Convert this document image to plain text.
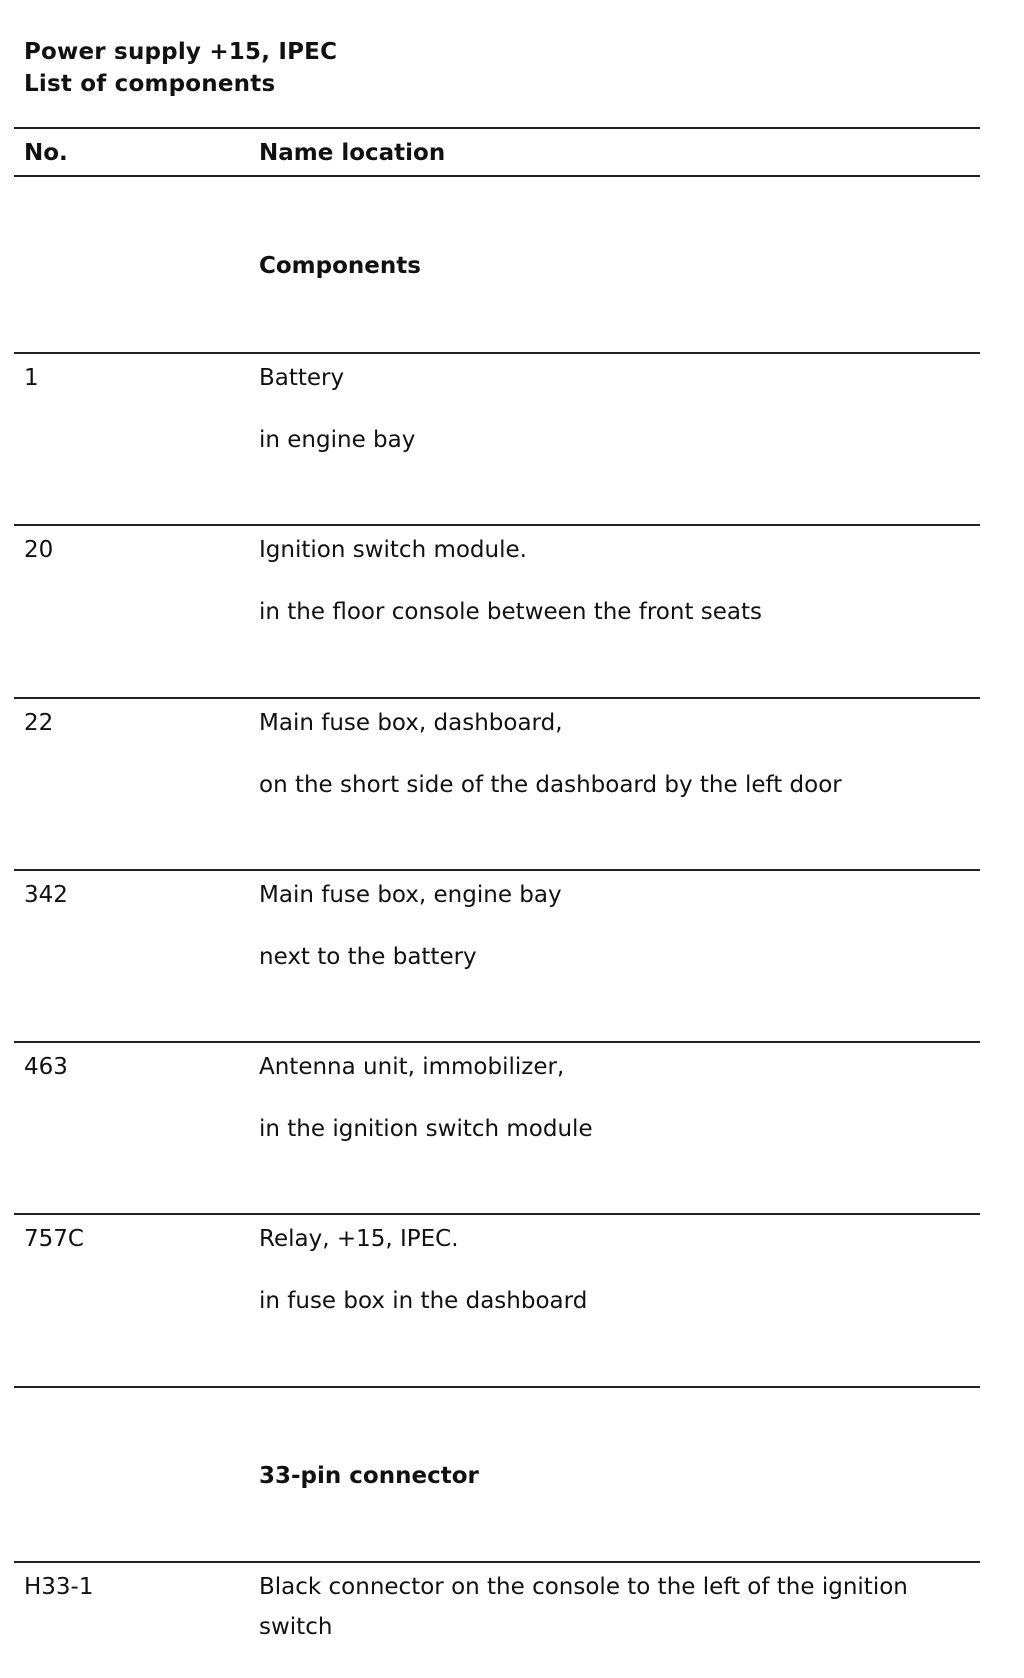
Power supply +15, IPEC
List of components
No.	Name location
Components
1	Battery
in engine bay
20	Ignition switch module.
in the floor console between the front seats
22	Main fuse box, dashboard,
on the short side of the dashboard by the left door
342	Main fuse box, engine bay
next to the battery
463	Antenna unit, immobilizer,
in the ignition switch module
757C	Relay, +15, IPEC.
in fuse box in the dashboard
33-pin connector
H33-1	Black connector on the console to the left of the ignition switch
